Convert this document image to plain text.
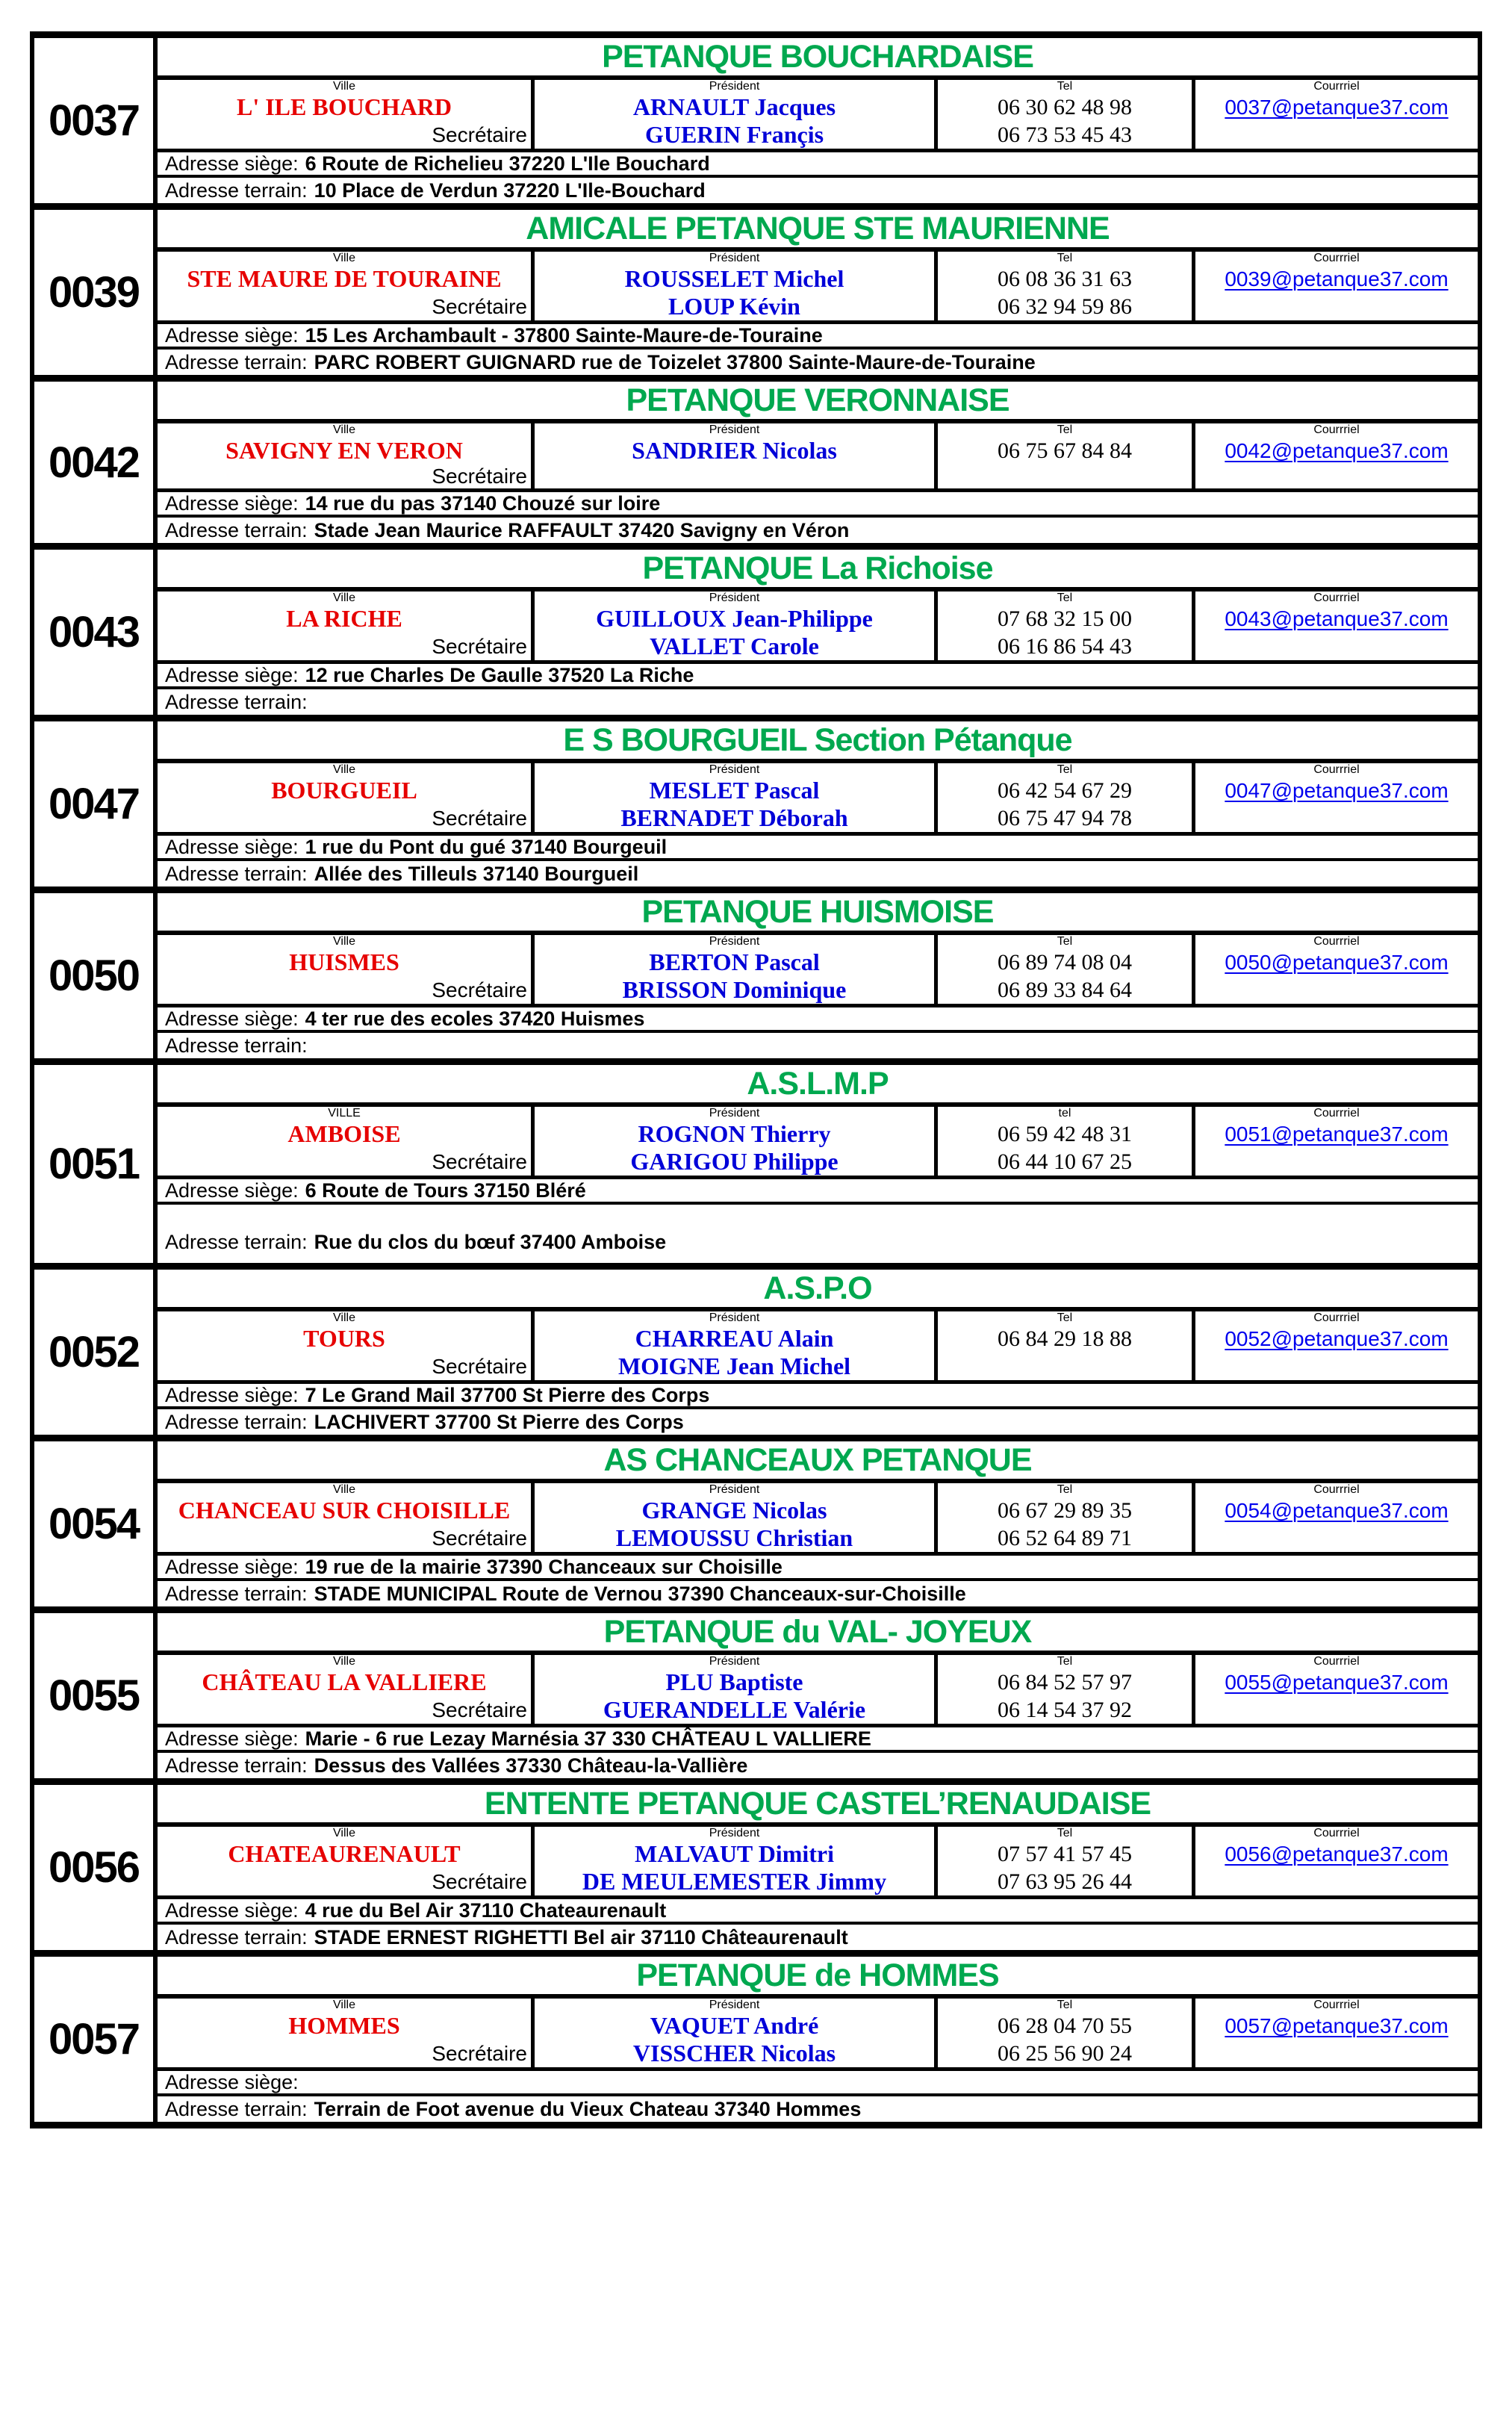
0037
PETANQUE BOUCHARDAISE
Ville	Président	Tel	Courrriel
L' ILE BOUCHARD	ARNAULT Jacques	06 30 62 48 98	0037@petanque37.com
Secrétaire	GUERIN Françis	06 73 53 45 43
Adresse siège: 6 Route de Richelieu 37220 L'Ile Bouchard
Adresse terrain: 10 Place de Verdun 37220 L'Ile-Bouchard
0039
AMICALE PETANQUE STE MAURIENNE
Ville	Président	Tel	Courrriel
STE MAURE DE TOURAINE	ROUSSELET Michel	06 08 36 31 63	0039@petanque37.com
Secrétaire	LOUP Kévin	06 32 94 59 86
Adresse siège: 15 Les Archambault - 37800 Sainte-Maure-de-Touraine
Adresse terrain: PARC ROBERT GUIGNARD rue de Toizelet 37800 Sainte-Maure-de-Touraine
0042
PETANQUE VERONNAISE
Ville	Président	Tel	Courrriel
SAVIGNY EN VERON	SANDRIER Nicolas	06 75 67 84 84	0042@petanque37.com
Secrétaire
Adresse siège: 14 rue du pas 37140 Chouzé sur loire
Adresse terrain: Stade Jean Maurice RAFFAULT 37420 Savigny en Véron
0043
PETANQUE La Richoise
Ville	Président	Tel	Courrriel
LA RICHE	GUILLOUX Jean-Philippe	07 68 32 15 00	0043@petanque37.com
Secrétaire	VALLET Carole	06 16 86 54 43
Adresse siège: 12 rue Charles De Gaulle 37520 La Riche
Adresse terrain:
0047
E S BOURGUEIL Section Pétanque
Ville	Président	Tel	Courrriel
BOURGUEIL	MESLET Pascal	06 42 54 67 29	0047@petanque37.com
Secrétaire	BERNADET Déborah	06 75 47 94 78
Adresse siège: 1 rue du Pont du gué 37140 Bourgeuil
Adresse terrain: Allée des Tilleuls 37140 Bourgueil
0050
PETANQUE HUISMOISE
Ville	Président	Tel	Courrriel
HUISMES	BERTON Pascal	06 89 74 08 04	0050@petanque37.com
Secrétaire	BRISSON Dominique	06 89 33 84 64
Adresse siège: 4 ter rue des ecoles 37420 Huismes
Adresse terrain:
0051
A.S.L.M.P
VILLE	Président	tel	Courrriel
AMBOISE	ROGNON Thierry	06 59 42 48 31	0051@petanque37.com
Secrétaire	GARIGOU Philippe	06 44 10 67 25
Adresse siège: 6 Route de Tours 37150 Bléré
Adresse terrain: Rue du clos du bœuf 37400 Amboise
0052
A.S.P.O
Ville	Président	Tel	Courrriel
TOURS	CHARREAU Alain	06 84 29 18 88	0052@petanque37.com
Secrétaire	MOIGNE Jean Michel
Adresse siège: 7 Le Grand Mail 37700 St Pierre des Corps
Adresse terrain: LACHIVERT 37700 St Pierre des Corps
0054
AS CHANCEAUX PETANQUE
Ville	Président	Tel	Courrriel
CHANCEAU SUR CHOISILLE	GRANGE Nicolas	06 67 29 89 35	0054@petanque37.com
Secrétaire	LEMOUSSU Christian	06 52 64 89 71
Adresse siège: 19 rue de la mairie 37390 Chanceaux sur Choisille
Adresse terrain: STADE MUNICIPAL Route de Vernou 37390 Chanceaux-sur-Choisille
0055
PETANQUE du VAL- JOYEUX
Ville	Président	Tel	Courrriel
CHÂTEAU LA VALLIERE	PLU Baptiste	06 84 52 57 97	0055@petanque37.com
Secrétaire	GUERANDELLE Valérie	06 14 54 37 92
Adresse siège: Marie - 6 rue Lezay Marnésia 37 330 CHÂTEAU L VALLIERE
Adresse terrain: Dessus des Vallées 37330 Château-la-Vallière
0056
ENTENTE PETANQUE CASTEL’RENAUDAISE
Ville	Président	Tel	Courrriel
CHATEAURENAULT	MALVAUT Dimitri	07 57 41 57 45	0056@petanque37.com
Secrétaire	DE MEULEMESTER Jimmy	07 63 95 26 44
Adresse siège: 4 rue du Bel Air 37110 Chateaurenault
Adresse terrain: STADE ERNEST RIGHETTI Bel air 37110 Châteaurenault
0057
PETANQUE de HOMMES
Ville	Président	Tel	Courrriel
HOMMES	VAQUET André	06 28 04 70 55	0057@petanque37.com
Secrétaire	VISSCHER Nicolas	06 25 56 90 24
Adresse siège:
Adresse terrain: Terrain de Foot avenue du Vieux Chateau 37340 Hommes
